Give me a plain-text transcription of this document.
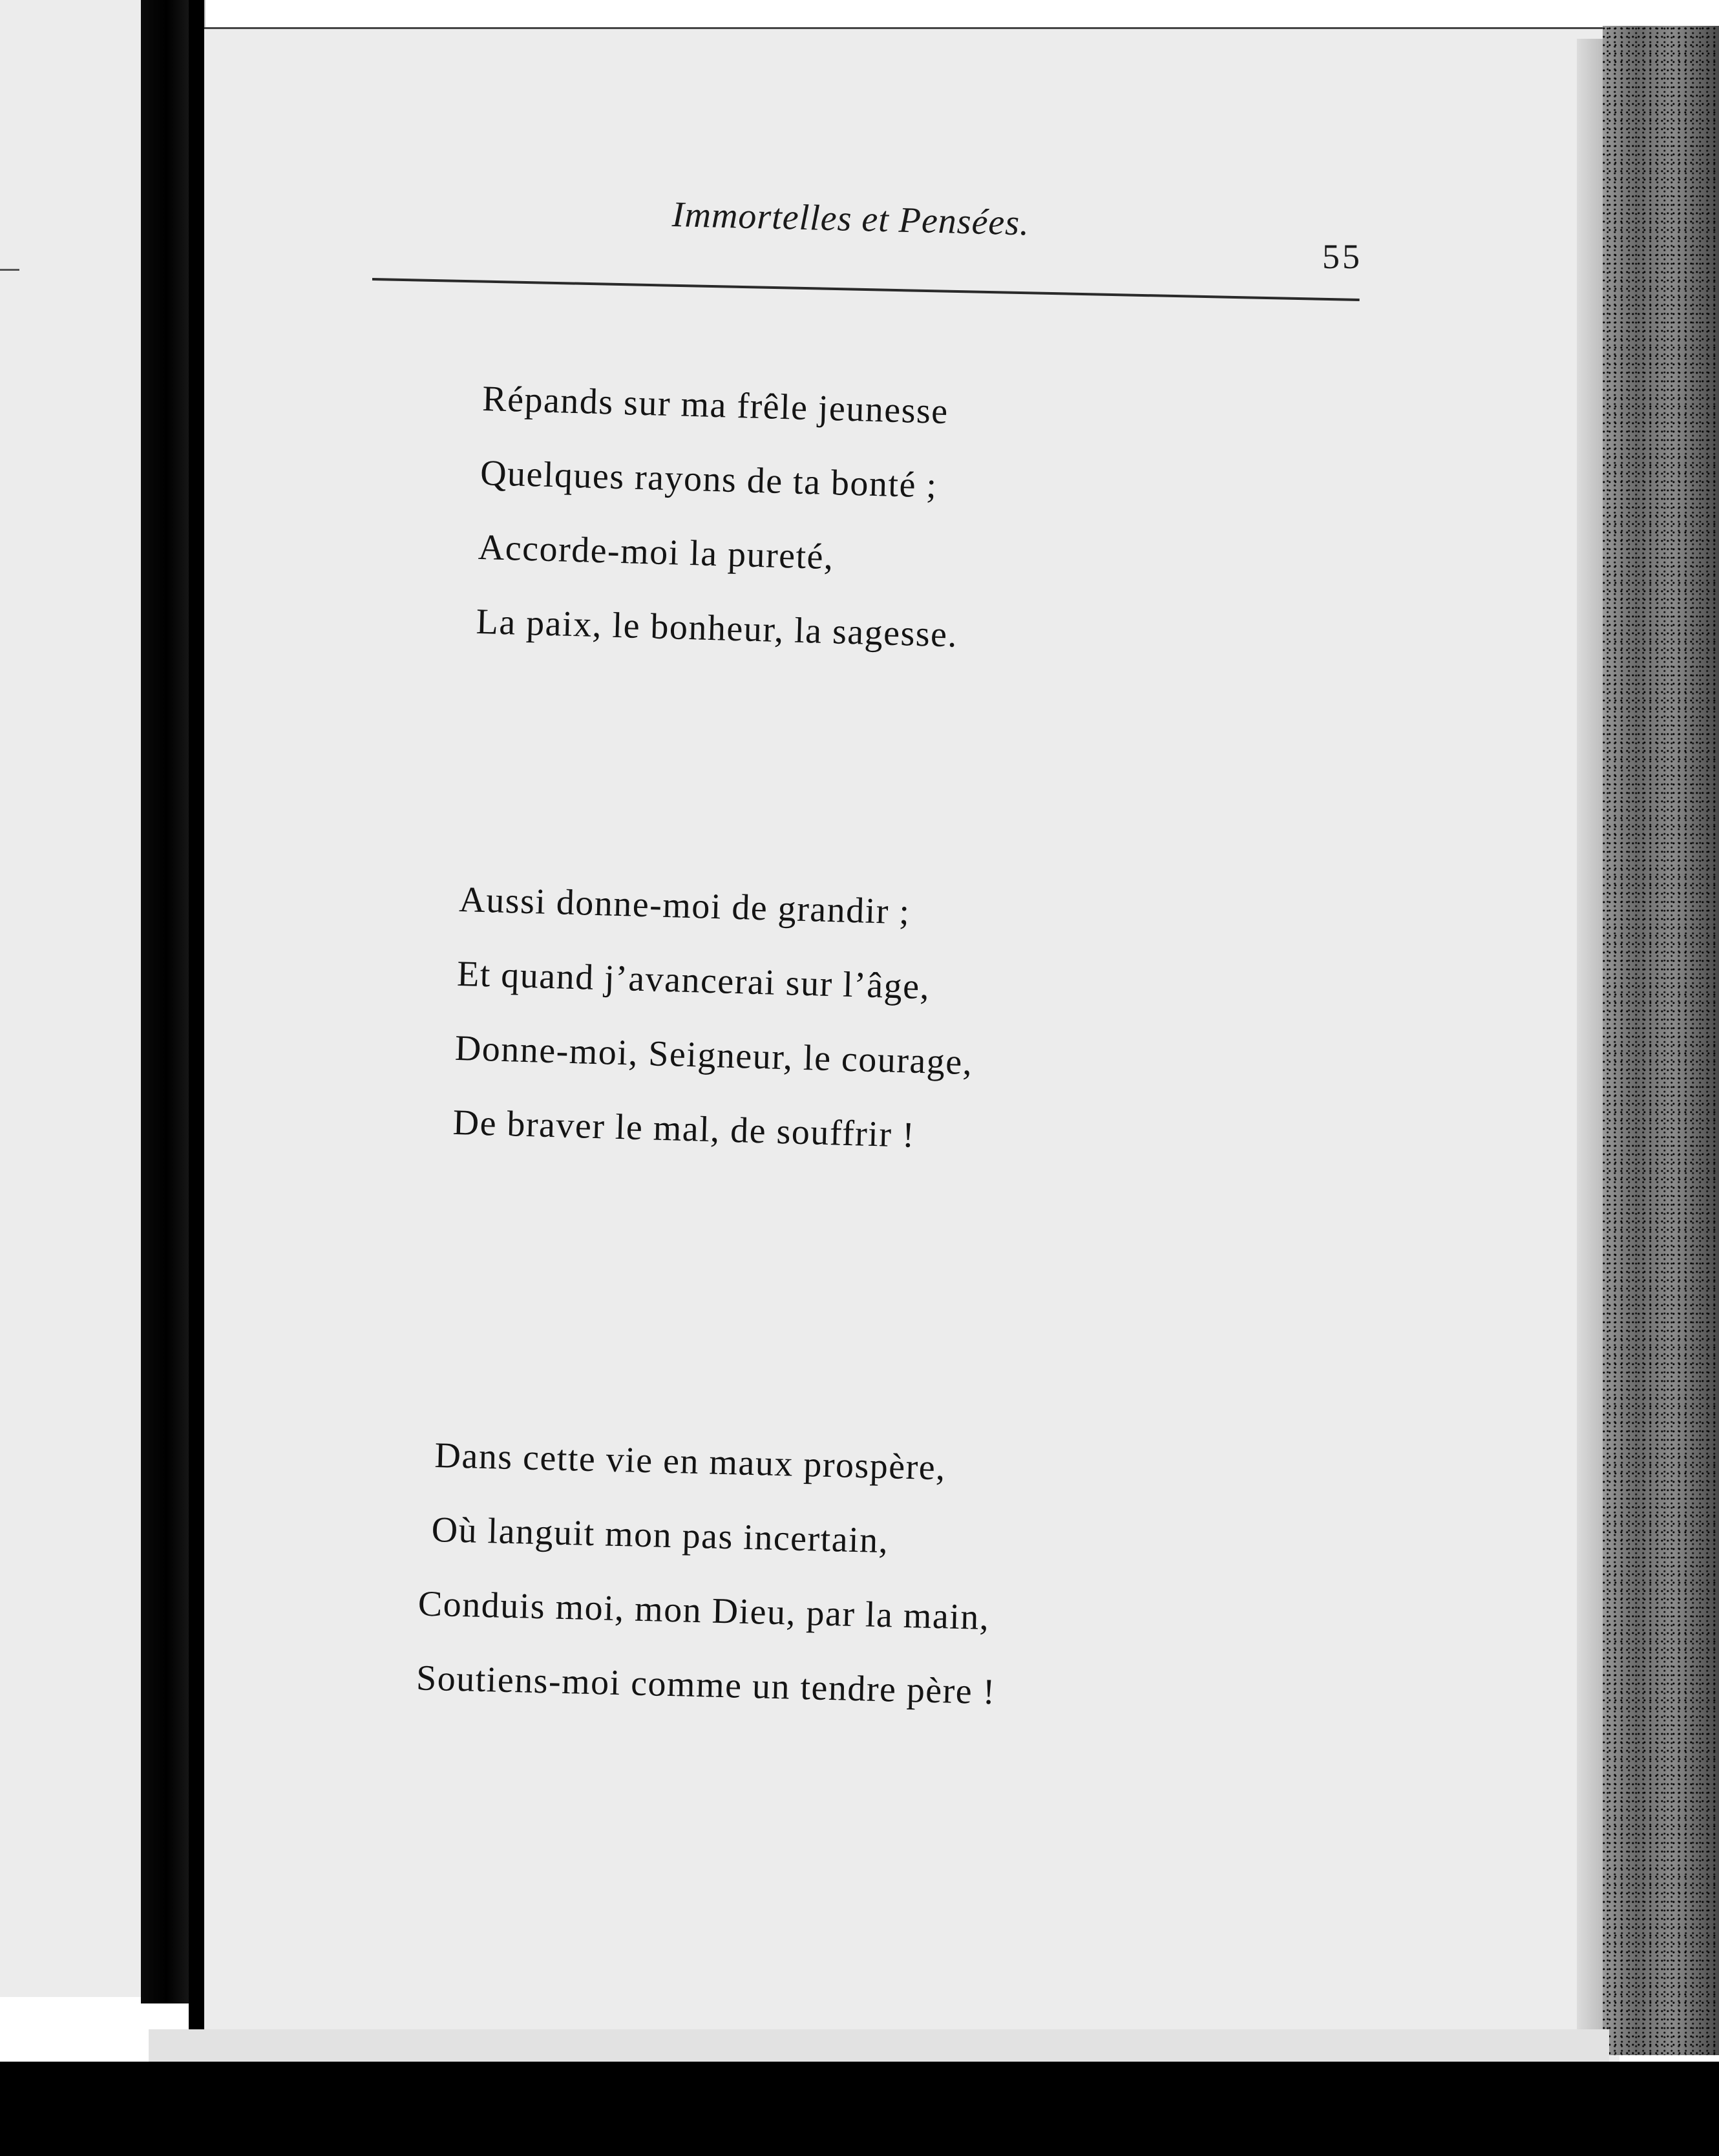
Immortelles et Pensées.
55
Répands sur ma frêle jeunesse
Quelques rayons de ta bonté ;
Accorde-moi la pureté,
La paix, le bonheur, la sagesse.
Aussi donne-moi de grandir ;
Et quand j’avancerai sur l’âge,
Donne-moi, Seigneur, le courage,
De braver le mal, de souffrir !
Dans cette vie en maux prospère,
Où languit mon pas incertain,
Conduis moi, mon Dieu, par la main,
Soutiens-moi comme un tendre père !
